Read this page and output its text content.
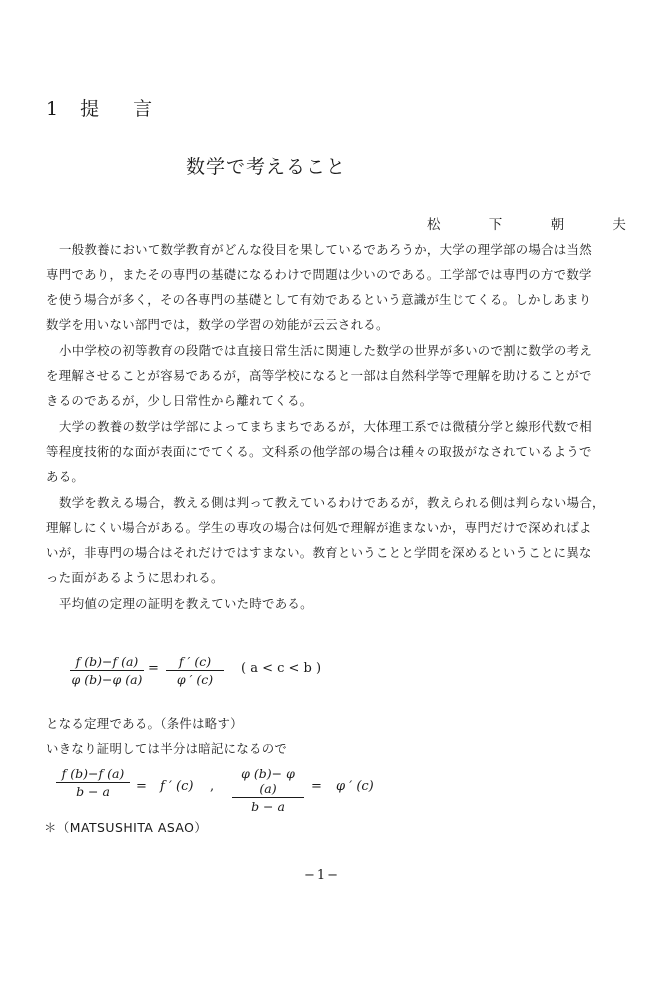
1 提 言
数学で考えること
松 下 朝 夫
一般教養において数学教育がどんな役目を果しているであろうか，大学の理学部の場合は当然
専門であり，またその専門の基礎になるわけで問題は少いのである。工学部では専門の方で数学
を使う場合が多く，その各専門の基礎として有効であるという意識が生じてくる。しかしあまり
数学を用いない部門では，数学の学習の効能が云云される。
小中学校の初等教育の段階では直接日常生活に関連した数学の世界が多いので割に数学の考え
を理解させることが容易であるが，高等学校になると一部は自然科学等で理解を助けることがで
きるのであるが，少し日常性から離れてくる。
大学の教養の数学は学部によってまちまちであるが，大体理工系では微積分学と線形代数で相
等程度技術的な面が表面にでてくる。文科系の他学部の場合は種々の取扱がなされているようで
ある。
数学を教える場合，教える側は判って教えているわけであるが，教えられる側は判らない場合，
理解しにくい場合がある。学生の専攻の場合は何処で理解が進まないか，専門だけで深めればよ
いが，非専門の場合はそれだけではすまない。教育ということと学問を深めるということに異な
った面があるように思われる。
平均値の定理の証明を教えていた時である。
f (b)−f (a)
φ (b)−φ (a)
=	f ′ (c)
φ ′ (c)
( a < c < b )
となる定理である。（条件は略す）
いきなり証明しては半分は暗記になるので
f (b)−f (a)
b − a	= f ′ (c) ,
φ (b)− φ (a)
b − a
= φ ′ (c)
＊（MATSUSHITA ASAO）
−1−
